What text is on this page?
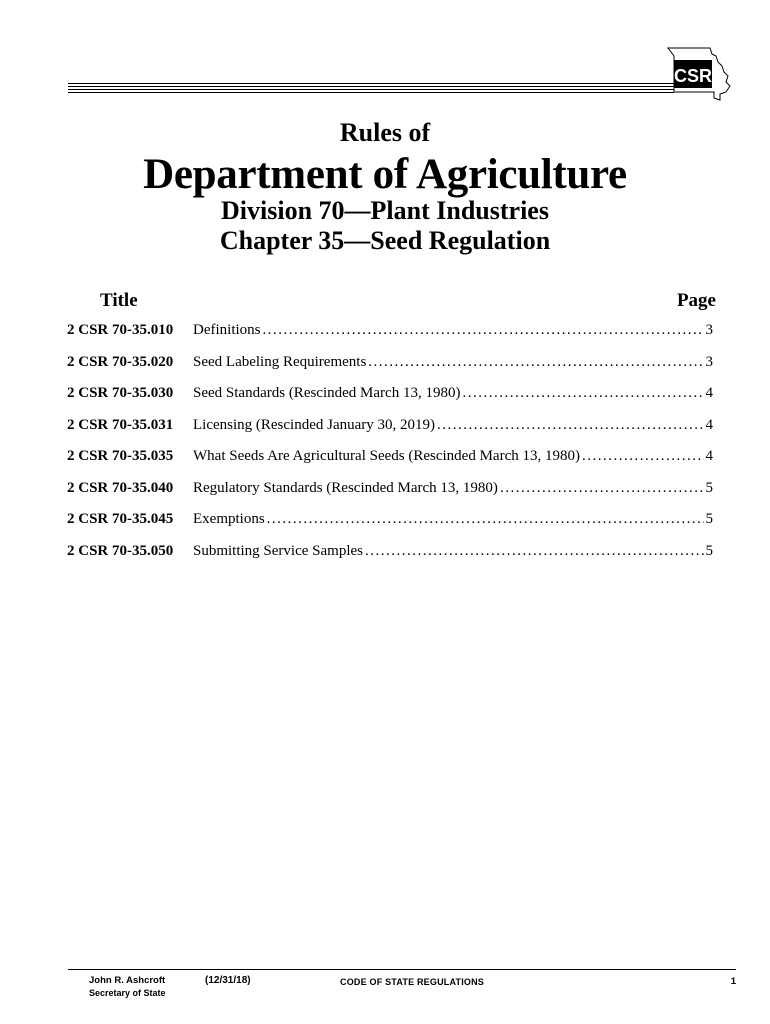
CSR
Rules of
Department of Agriculture
Division 70—Plant Industries
Chapter 35—Seed Regulation
Title	Page
2 CSR 70-35.010	Definitions .....	3
2 CSR 70-35.020	Seed Labeling Requirements .....	3
2 CSR 70-35.030	Seed Standards (Rescinded March 13, 1980) .....	4
2 CSR 70-35.031	Licensing (Rescinded January 30, 2019) .....	4
2 CSR 70-35.035	What Seeds Are Agricultural Seeds (Rescinded March 13, 1980) .....	4
2 CSR 70-35.040	Regulatory Standards (Rescinded March 13, 1980) .....	5
2 CSR 70-35.045	Exemptions .....	5
2 CSR 70-35.050	Submitting Service Samples .....	5
John R. Ashcroft
Secretary of State
(12/31/18)	CODE OF STATE REGULATIONS	1
